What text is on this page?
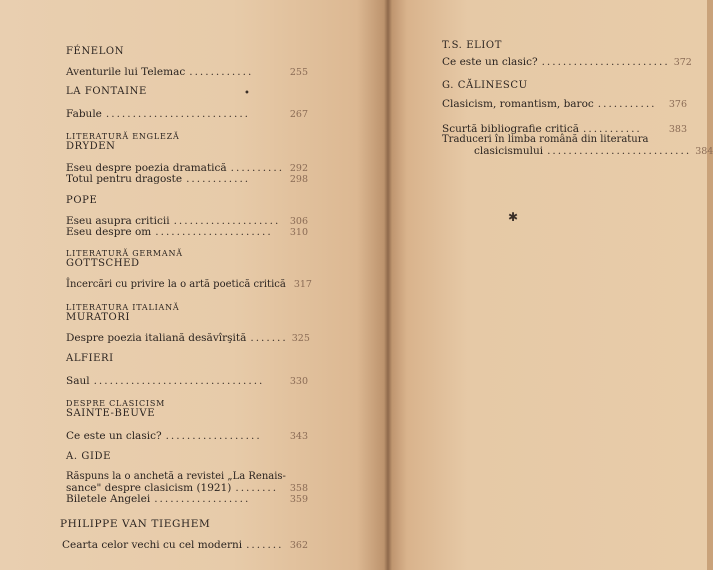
FÉNELON
Aventurile lui Telemac ............	255
LA FONTAINE
Fabule ...........................	267
LITERATURĂ ENGLEZĂ
DRYDEN
Eseu despre poezia dramatică .......... 292
Totul pentru dragoste ............	298
POPE
Eseu asupra criticii ....................	306
Eseu despre om ......................	310
LITERATURĂ GERMANĂ
GOTTSCHED
Încercări cu privire la o artă poetică critică 317
LITERATURA ITALIANĂ
MURATORI
Despre poezia italiană desăvîrşită ....... 325
ALFIERI
Saul ................................	330
DESPRE CLASICISM
SAINTE-BEUVE
Ce este un clasic? ..................	343
A. GIDE
Răspuns la o anchetă a revistei „La Renais-
sance" despre clasicism (1921) ........	358
Biletele Angelei ..................	359
PHILIPPE VAN TIEGHEM
Cearta celor vechi cu cel moderni ....... 362
•
T.S. ELIOT
Ce este un clasic? ........................ 372
G. CĂLINESCU
Clasicism, romantism, baroc ...........	376
Scurtă bibliografie critică ...........	383
Traduceri în limba română din literatura
clasicismului ........................... 384
✱
